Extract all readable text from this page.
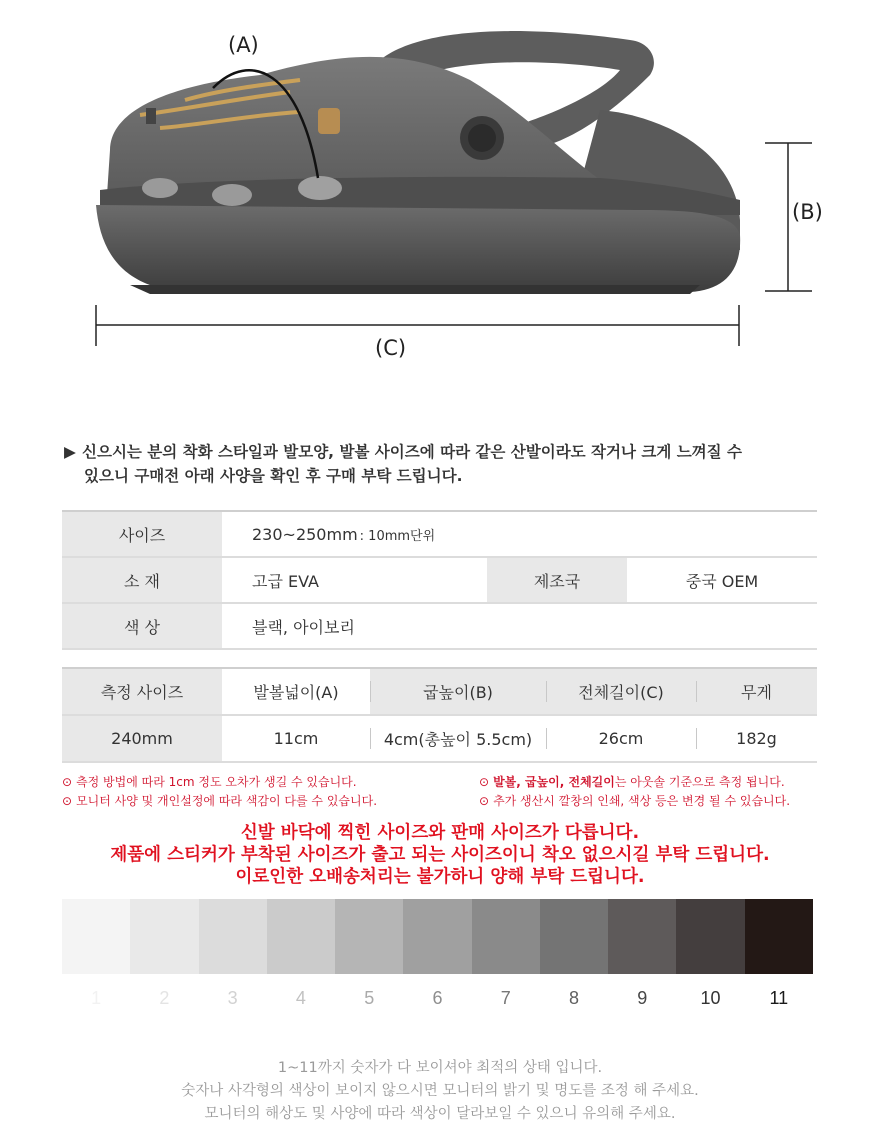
(A)
(B)
(C)
▶ 신으시는 분의 착화 스타일과 발모양, 발볼 사이즈에 따라 같은 산발이라도 작거나 크게 느껴질 수
있으니 구매전 아래 사양을 확인 후 구매 부탁 드립니다.
사이즈	230~250mm : 10mm단위
소 재	고급 EVA	제조국	중국 OEM
색 상	블랙, 아이보리
측정 사이즈	발볼넓이(A)	굽높이(B)	전체길이(C)	무게
240mm	11cm	4cm(총높이 5.5cm)	26cm	182g
⊙ 측정 방법에 따라 1cm 정도 오차가 생길 수 있습니다.
⊙ 모니터 사양 및 개인설정에 따라 색감이 다를 수 있습니다.
⊙ 발볼, 굽높이, 전체길이는 아웃솔 기준으로 측정 됩니다.
⊙ 추가 생산시 깔창의 인쇄, 색상 등은 변경 될 수 있습니다.
신발 바닥에 찍힌 사이즈와 판매 사이즈가 다릅니다.
제품에 스티커가 부착된 사이즈가 출고 되는 사이즈이니 착오 없으시길 부탁 드립니다.
이로인한 오배송처리는 불가하니 양해 부탁 드립니다.
1	2	3	4	5	6	7	8	9	10	11
1~11까지 숫자가 다 보이셔야 최적의 상태 입니다.
숫자나 사각형의 색상이 보이지 않으시면 모니터의 밝기 및 명도를 조정 해 주세요.
모니터의 해상도 및 사양에 따라 색상이 달라보일 수 있으니 유의해 주세요.
